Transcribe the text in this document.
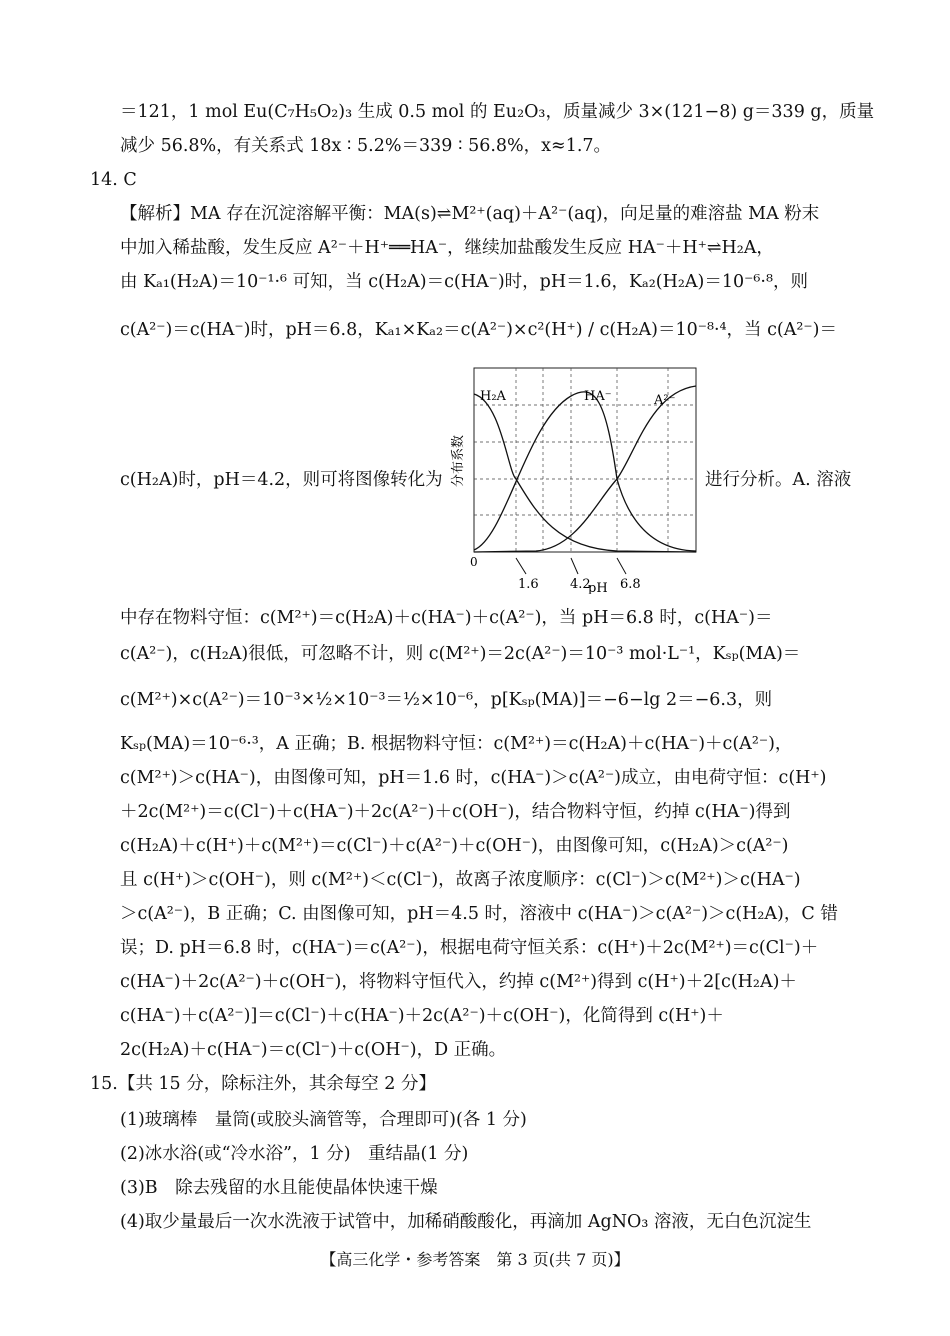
＝121，1 mol Eu(C₇H₅O₂)₃ 生成 0.5 mol 的 Eu₂O₃，质量减少 3×(121−8) g＝339 g，质量
减少 56.8%，有关系式 18x ∶ 5.2%＝339 ∶ 56.8%，x≈1.7。
14. C
【解析】MA 存在沉淀溶解平衡：MA(s)⇌M²⁺(aq)＋A²⁻(aq)，向足量的难溶盐 MA 粉末
中加入稀盐酸，发生反应 A²⁻＋H⁺══HA⁻，继续加盐酸发生反应 HA⁻＋H⁺⇌H₂A，
由 Kₐ₁(H₂A)＝10⁻¹·⁶ 可知，当 c(H₂A)＝c(HA⁻)时，pH＝1.6，Kₐ₂(H₂A)＝10⁻⁶·⁸，则
c(A²⁻)＝c(HA⁻)时，pH＝6.8，Kₐ₁×Kₐ₂＝c(A²⁻)×c²(H⁺) / c(H₂A)＝10⁻⁸·⁴，当 c(A²⁻)＝
c(H₂A)时，pH＝4.2，则可将图像转化为	进行分析。A. 溶液
中存在物料守恒：c(M²⁺)＝c(H₂A)＋c(HA⁻)＋c(A²⁻)，当 pH＝6.8 时，c(HA⁻)＝
c(A²⁻)，c(H₂A)很低，可忽略不计，则 c(M²⁺)＝2c(A²⁻)＝10⁻³ mol·L⁻¹，Kₛₚ(MA)＝
c(M²⁺)×c(A²⁻)＝10⁻³×½×10⁻³＝½×10⁻⁶，p[Kₛₚ(MA)]＝−6−lg 2＝−6.3，则
Kₛₚ(MA)＝10⁻⁶·³，A 正确；B. 根据物料守恒：c(M²⁺)＝c(H₂A)＋c(HA⁻)＋c(A²⁻)，
c(M²⁺)＞c(HA⁻)，由图像可知，pH＝1.6 时，c(HA⁻)＞c(A²⁻)成立，由电荷守恒：c(H⁺)
＋2c(M²⁺)＝c(Cl⁻)＋c(HA⁻)＋2c(A²⁻)＋c(OH⁻)，结合物料守恒，约掉 c(HA⁻)得到
c(H₂A)＋c(H⁺)＋c(M²⁺)＝c(Cl⁻)＋c(A²⁻)＋c(OH⁻)，由图像可知，c(H₂A)＞c(A²⁻)
且 c(H⁺)＞c(OH⁻)，则 c(M²⁺)＜c(Cl⁻)，故离子浓度顺序：c(Cl⁻)＞c(M²⁺)＞c(HA⁻)
＞c(A²⁻)，B 正确；C. 由图像可知，pH＝4.5 时，溶液中 c(HA⁻)＞c(A²⁻)＞c(H₂A)，C 错
误；D. pH＝6.8 时，c(HA⁻)＝c(A²⁻)，根据电荷守恒关系：c(H⁺)＋2c(M²⁺)＝c(Cl⁻)＋
c(HA⁻)＋2c(A²⁻)＋c(OH⁻)，将物料守恒代入，约掉 c(M²⁺)得到 c(H⁺)＋2[c(H₂A)＋
c(HA⁻)＋c(A²⁻)]＝c(Cl⁻)＋c(HA⁻)＋2c(A²⁻)＋c(OH⁻)，化简得到 c(H⁺)＋
2c(H₂A)＋c(HA⁻)＝c(Cl⁻)＋c(OH⁻)，D 正确。
15.【共 15 分，除标注外，其余每空 2 分】
(1)玻璃棒　量筒(或胶头滴管等，合理即可)(各 1 分)
(2)冰水浴(或“冷水浴”，1 分)　重结晶(1 分)
(3)B　除去残留的水且能使晶体快速干燥
(4)取少量最后一次水洗液于试管中，加稀硝酸酸化，再滴加 AgNO₃ 溶液，无白色沉淀生
H₂A	HA⁻	A²⁻
分布系数
0
1.6 4.2 6.8
pH
【高三化学・参考答案　第 3 页(共 7 页)】
